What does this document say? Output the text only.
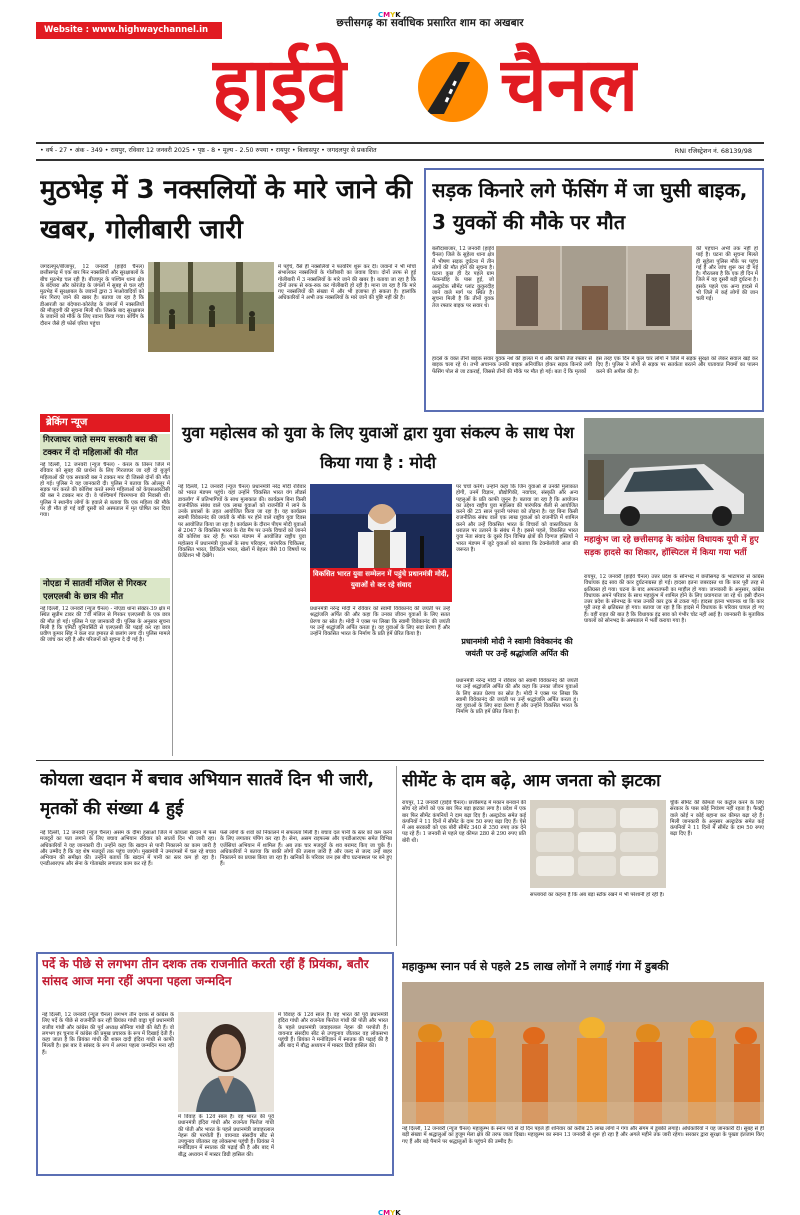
CMYK
Website : www.highwaychannel.in
छत्तीसगढ़ का सर्वाधिक प्रसारित शाम का अखबार
हाईवे चैनल
• वर्ष - 27 • अंक - 349 • रायपुर, रविवार 12 जनवरी 2025 • पृष्ठ - 8 • मूल्य - 2.50 रुपया • रायपुर • बिलासपुर • जगदलपुर से प्रकाशित	RNI रजिस्ट्रेशन नं. 68139/98
मुठभेड़ में 3 नक्सलियों के मारे जाने की खबर, गोलीबारी जारी
जगदलपुर/बीजापुर, 12 जनवरी (हाईवे चैनल) छत्तीसगढ़ में एक बार फिर नक्सलियों और सुरक्षाबलों के बीच मुठभेड़ चल रही है। बीजापुर के पश्चिम थाना क्षेत्र के बंदेपारा और कोरंजेड़ के जंगलों में सुबह से चल रही मुठभेड़ में सुरक्षाबल के जवानों द्वारा 3 माओवादियों को मार गिराए जाने की खबर है। बताया जा रहा है कि डीआरजी का बंदेपारा-कोरंजेड़ के जंगलों में नक्सलियों की मौजूदगी की सूचना मिली थी। जिसके बाद सुरक्षाबल के जवानों को मौके के लिए रवाना किया गया। सर्चिंग के दौरान जैसे ही फोर्स एरिया पहुंचा
में पहुंचे, वैसे ही नक्सलियों ने फायरिंग शुरू कर दी। जवानों ने भी मोर्चा संभालकर नक्सलियों के गोलीबारी का जवाब दिया। दोनों तरफ से हुई गोलीबारी में 3 नक्सलियों के मारे जाने की खबर है। बताया जा रहा है कि दोनों तरफ से रुक-रुक कर गोलीबारी हो रही है। माना जा रहा है कि मारे गए नक्सलियों की संख्या में और भी इजाफा हो सकता है। हालांकि अधिकारियों ने अभी तक नक्सलियों के मारे जाने की पुष्टि नहीं की है।
सड़क किनारे लगे फेंसिंग में जा घुसी बाइक, 3 युवकों की मौके पर मौत
बलौदाबाजार, 12 जनवरी (हाईवे चैनल) जिले के सुहेला थाना क्षेत्र में भीषण सड़क दुर्घटना में तीन लोगों की मौत होने की सूचना है। घटना कुछ ही देर पहले ग्राम फेकनडीह के पास हुई, जो अल्ट्राटेक सीमेंट प्लांट कुकुरदीह जाने वाले मार्ग पर स्थित है। सूचना मिली है कि तीनों युवक तेज रफ्तार बाइक पर सवार थे।
की पहचान अभी तक नहीं हो पाई है। घटना की सूचना मिलते ही सुहेला पुलिस मौके पर पहुंच गई है और जांच शुरू कर दी गई है। गौरतलब है कि एक ही दिन में जिले में यह दूसरी बड़ी दुर्घटना है। इसके पहले एक अन्य हादसे में भी जिले में कई लोगों की जान चली गई।
हादसे के वक्त तीनों बाइक सवार युवक नशे की हालत में थे और काफी तेज रफ्तार से बाइक चला रहे थे। तभी अचानक उनकी बाइक अनियंत्रित होकर सड़क किनारे लगी फेंसिंग पोल से जा टकराई, जिससे तीनों की मौके पर मौत हो गई। बता दें कि मृतकों
इस तरह एक दिन में कुल चार लोगों ने जिले में सड़क सुरक्षा को लेकर सवाल खड़े कर दिए हैं। पुलिस ने लोगों से सड़क पर सतर्कता बरतने और यातायात नियमों का पालन करने की अपील की है।
ब्रेकिंग न्यूज
गिरजाघर जाते समय सरकारी बस की टक्कर में दो महिलाओं की मौत
नई दिल्ली, 12 जनवरी (न्यूज चैनल) - केरल के तिरूर जिले में रविवार को सुबह की प्रार्थना के लिए गिरजाघर जा रही दो बुजुर्ग महिलाओं की एक सरकारी बस ने टक्कर मार दी जिससे दोनों की मौत हो गई। पुलिस ने यह जानकारी दी। पुलिस ने बताया कि ओल्लूर में सड़क पार करते की कोशिश करते समय महिलाओं को केएसआरटीसी की बस ने टक्कर मार दी। वे पश्चिमार्ग चिरमपाना की निवासी थीं। पुलिस ने स्थानीय लोगों के हवाले से बताया कि एक महिला की मौके पर ही मौत हो गई वहीं दूसरी को अस्पताल में मृत घोषित कर दिया गया।
नोएडा में सातवीं मंजिल से गिरकर एलएलबी के छात्र की मौत
नई दिल्ली, 12 जनवरी (न्यूज चैनल) - नोएडा थाना सेक्टर-39 क्षेत्र में स्थित सुप्रीम टावर की 7वीं मंजिल से गिरकर एलएलबी के एक छात्र की मौत हो गई। पुलिस ने यह जानकारी दी। पुलिस के अनुसार सूचना मिली है कि एमिटी यूनिवर्सिटी से एलएलबी की पढ़ाई कर रहा छात्र प्रवीण कुमार सिंह ने कल रात इमारत से छलांग लगा दी। पुलिस मामले की जांच कर रही है और परिजनों को सूचना दे दी गई है।
युवा महोत्सव को युवा के लिए युवाओं द्वारा युवा संकल्प के साथ पेश किया गया है : मोदी
नई दिल्ली, 12 जनवरी (न्यूज चैनल) प्रधानमंत्री नरेंद्र मोदी रविवार को भारत मंडपम पहुंचे। यहां उन्होंने 'विकसित भारत यंग लीडर्स डायलॉग' में प्रतिभागियों के साथ मुलाकात की। कार्यक्रम बिना किसी राजनीतिक संबंध वाले एक लाख युवाओं को राजनीति में लाने के उनके प्रयासों के तहत आयोजित किया जा रहा है। यह कार्यक्रम स्वामी विवेकानंद की जयंती के मौके पर होने वाले राष्ट्रीय युवा दिवस पर आयोजित किया जा रहा है। कार्यक्रम के दौरान पीएम मोदी युवाओं से 2047 के विकसित भारत के रोड मैप पर उनके विचारों को जानने की कोशिश कर रहे हैं। भारत मंडपम में आयोजित राष्ट्रीय युवा महोत्सव में प्रधानमंत्री युवाओं के साथ परिवहन, पारंपरिक चिकित्सा, विकसित भारत, डिजिटल भारत, खेलों में बेहतर जैसे 10 विषयों पर प्रेजेंटेशन भी देखेंगे।
विकसित भारत युवा सम्मेलन में पहुंचे प्रधानमंत्री मोदी, युवाओं से कर रहे संवाद
पर चर्चा करेंगे। उन्होंने कहा कि जिन युवाओं से उनकी मुलाकात होगी, उनमें विज्ञान, प्रौद्योगिकी, नवाचार, संस्कृति और अन्य पहलुओं के प्रति काफी जुनून है। बताया जा रहा है कि आयोजन का उद्देश्य राष्ट्रीय युवा महोत्सव की पारंपरिक शैली से आयोजित करने की 25 साल पुरानी परंपरा को तोड़ना है। यह बिना किसी राजनीतिक संबंध वाले एक लाख युवाओं को राजनीति में शामिल करने और उन्हें विकसित भारत के विचारों को वास्तविकता के धरातल पर उतारने के संबंध में है। इससे पहले, विकसित भारत युवा नेता संवाद के दूसरे दिन विभिन्न क्षेत्रों की दिग्गज हस्तियों ने भारत मंडपम में जुटे युवाओं को बताया कि टेक्नोलॉजी आज की जरूरत है।
प्रधानमंत्री मोदी ने स्वामी विवेकानंद की जयंती पर उन्हें श्रद्धांजलि अर्पित की
प्रधानमंत्री नरेन्द्र मोदी ने रविवार को स्वामी विवेकानंद की जयंती पर उन्हें श्रद्धांजलि अर्पित की और कहा कि उनका जीवन युवाओं के लिए सतत प्रेरणा का स्रोत है। मोदी ने एक्स पर लिखा कि स्वामी विवेकानंद की जयंती पर उन्हें श्रद्धांजलि अर्पित करता हूं। वह युवाओं के लिए सदा प्रेरणा हैं और उन्होंने विकसित भारत के निर्माण के प्रति हमें प्रेरित किया है।
प्रधानमंत्री नरेन्द्र मोदी ने रविवार को स्वामी विवेकानंद की जयंती पर उन्हें श्रद्धांजलि अर्पित की और कहा कि उनका जीवन युवाओं के लिए सतत प्रेरणा का स्रोत है। मोदी ने एक्स पर लिखा कि स्वामी विवेकानंद की जयंती पर उन्हें श्रद्धांजलि अर्पित करता हूं। वह युवाओं के लिए सदा प्रेरणा हैं और उन्होंने विकसित भारत के निर्माण के प्रति हमें प्रेरित किया है।
महाकुंभ जा रहे छत्तीसगढ़ के कांग्रेस विधायक यूपी में हुए सड़क हादसे का शिकार, हॉस्पिटल में किया गया भर्ती
रायपुर, 12 जनवरी (हाईवे चैनल) उत्तर प्रदेश के सोनभद्र में छत्तीसगढ़ के भाटापारा से कांग्रेस विधायक इंद्र साव की कार दुर्घटनाग्रस्त हो गई। हादसा इतना जबरदस्त था कि कार पूरी तरह से क्षतिग्रस्त हो गया। घटना के बाद अफरातफरी का माहौल हो गया। जानकारी के अनुसार, कांग्रेस विधायक अपने परिवार के साथ महाकुंभ में शामिल होने के लिए प्रयागराज जा रहे थे। इसी दौरान उत्तर प्रदेश के सोनभद्र के पास उनकी कार ट्रक से टकरा गई। हादसा इतना भयानक था कि कार पूरी तरह से क्षतिग्रस्त हो गया। बताया जा रहा है कि हादसे में विधायक के परिवार घायल हो गए हैं। वहीं राहत की बात है कि विधायक इंद्र साव को गंभीर चोट नहीं आई है। जानकारी के मुताबिक घायलों को सोनभद्र के अस्पताल में भर्ती कराया गया है।
कोयला खदान में बचाव अभियान सातवें दिन भी जारी, मृतकों की संख्या 4 हुई
नई दिल्ली, 12 जनवरी (न्यूज चैनल) असम के दीमा हसाओ जिले में कोयला खदान में फंसे मजदूरों का पता लगाने के लिए बचाव अभियान रविवार को सातवें दिन भी जारी रहा। अधिकारियों ने यह जानकारी दी। उन्होंने कहा कि खदान से पानी निकालने का काम जारी है और उम्मीद है कि वह शेष मजदूरों तक पहुंच जाएंगे। मुख्यमंत्री ने उमरांगसो में चल रहे बचाव अभियान की समीक्षा की। उन्होंने बताया कि खदान में पानी का स्तर कम हो रहा है। एनडीआरएफ और सेना के गोताखोर लगातार काम कर रहे हैं।
फंसे लोगों के शवों को निकालने में सफलता मिली है। बचाव दल पानी के स्तर को कम करने के लिए लगातार पंपिंग कर रहा है। सेना, असम राइफल्स और एनडीआरएफ समेत विभिन्न एजेंसियां अभियान में शामिल हैं। अब तक चार मजदूरों के शव बरामद किए जा चुके हैं। अधिकारियों ने बताया कि बाकी लोगों की तलाश जारी है और जल्द से जल्द उन्हें बाहर निकालने का प्रयास किया जा रहा है। खनिकों के परिवार जन इस बीच घटनास्थल पर बने हुए हैं।
सीमेंट के दाम बढ़े, आम जनता को झटका
रायपुर, 12 जनवरी (हाईवे चैनल)। छत्तीसगढ़ में मकान बनवाने की सोच रहे लोगों को एक बार फिर बड़ा झटका लगा है। प्रदेश में एक बार फिर सीमेंट कंपनियों ने दाम बढ़ा दिए हैं। अल्ट्राटेक समेत कई कंपनियों ने 11 दिनों में सीमेंट के दाम 50 रुपए बढ़ा दिए हैं। ऐसे में अब सरकारी को एक बोरी सीमेंट 340 से 350 रुपए तक देने पड़ रहे हैं। 1 जनवरी से पहले यह कीमत 280 से 290 रुपए प्रति बोरी थी।
चूंकि सीमेंट की कीमतों पर कंट्रोल करने के लिए सरकार के पास कोई नियंत्रण नहीं रहता है। फैक्ट्री वाले कोई न कोई बहाना कर कीमत बढ़ा रहे हैं। मिली जानकारी के अनुसार अल्ट्राटेक समेत कई कंपनियों ने 11 दिनों में सीमेंट के दाम 50 रुपए बढ़ा दिए हैं।
सप्लायरों का कहना है कि अब बड़ा स्टॉक रखने में भी परेशानी हो रही है।
पर्दे के पीछे से लगभग तीन दशक तक राजनीति करती रहीं हैं प्रियंका, बतौर सांसद आज मना रहीं अपना पहला जन्मदिन
नई दिल्ली, 12 जनवरी (न्यूज चैनल) लगभग तीन दशक से कांग्रेस के लिए पर्दे के पीछे से राजनीति कर रहीं प्रियंका गांधी वाड्रा पूर्व प्रधानमंत्री राजीव गांधी और कांग्रेस की पूर्व अध्यक्ष सोनिया गांधी की बेटी हैं। वो लगभग हर चुनाव में कांग्रेस की प्रमुख प्रचारक के रूप में दिखाई देती हैं। कहा जाता है कि प्रियंका गांधी की शक्ल दादी इंदिरा गांधी से काफी मिलती है। इस बार वे सांसद के रूप में अपना पहला जन्मदिन मना रही हैं।
में विवाह के 12वें साल हैं। वह भारत की पूर्व प्रधानमंत्री इंदिरा गांधी और राजनेता फिरोज गांधी की पोती और भारत के पहले प्रधानमंत्री जवाहरलाल नेहरू की परपोती हैं। वायनाड संसदीय सीट से उपचुनाव जीतकर वह लोकसभा पहुंची हैं। प्रियंका ने मनोविज्ञान में स्नातक की पढ़ाई की है और बाद में बौद्ध अध्ययन में मास्टर डिग्री हासिल की।
में विवाह के 12वें साल हैं। वह भारत की पूर्व प्रधानमंत्री इंदिरा गांधी और राजनेता फिरोज गांधी की पोती और भारत के पहले प्रधानमंत्री जवाहरलाल नेहरू की परपोती हैं। वायनाड संसदीय सीट से उपचुनाव जीतकर वह लोकसभा पहुंची हैं। प्रियंका ने मनोविज्ञान में स्नातक की पढ़ाई की है और बाद में बौद्ध अध्ययन में मास्टर डिग्री हासिल की।
महाकुम्भ स्नान पर्व से पहले 25 लाख लोगों ने लगाई गंगा में डुबकी
नई दिल्ली, 12 जनवरी (न्यूज चैनल) महाकुम्भ के स्नान पर्व से दो दिन पहले ही शनिवार को करीब 25 लाख लोगों ने गंगा और संगम में डुबकी लगाई। अधिकारियों ने यह जानकारी दी। सुबह से ही बड़ी संख्या में श्रद्धालुओं का हुजूम मेला क्षेत्र की तरफ जाता दिखा। महाकुम्भ का स्नान 13 जनवरी से शुरू हो रहा है और अगले महीने तक जारी रहेगा। सरकार द्वारा सुरक्षा के पुख्ता इंतजाम किए गए हैं और बड़े पैमाने पर श्रद्धालुओं के पहुंचने की उम्मीद है।
CMYK
